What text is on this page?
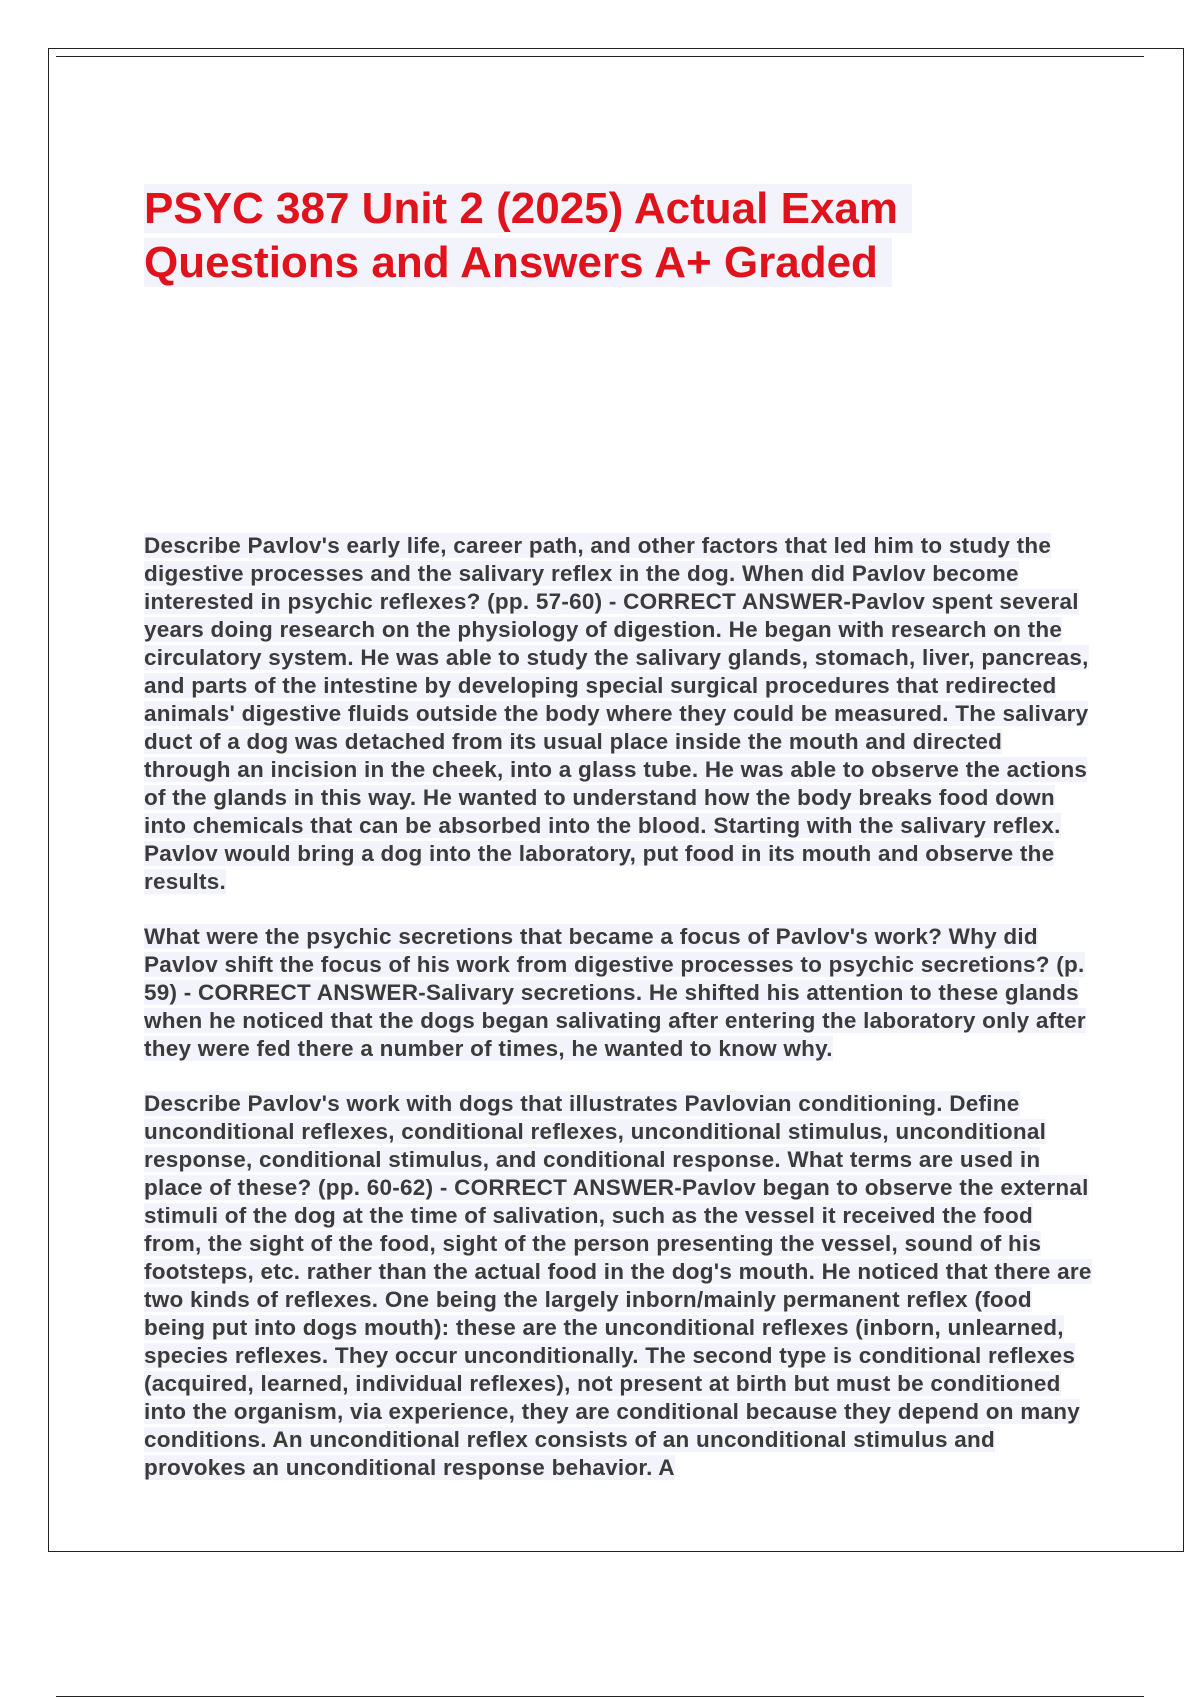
PSYC 387 Unit 2 (2025) Actual Exam
Questions and Answers A+ Graded

Describe Pavlov's early life, career path, and other factors that led him to study the digestive processes and the salivary reflex in the dog. When did Pavlov become interested in psychic reflexes? (pp. 57-60) - CORRECT ANSWER-Pavlov spent several years doing research on the physiology of digestion. He began with research on the circulatory system. He was able to study the salivary glands, stomach, liver, pancreas, and parts of the intestine by developing special surgical procedures that redirected animals' digestive fluids outside the body where they could be measured. The salivary duct of a dog was detached from its usual place inside the mouth and directed through an incision in the cheek, into a glass tube. He was able to observe the actions of the glands in this way. He wanted to understand how the body breaks food down into chemicals that can be absorbed into the blood. Starting with the salivary reflex. Pavlov would bring a dog into the laboratory, put food in its mouth and observe the results.

What were the psychic secretions that became a focus of Pavlov's work? Why did Pavlov shift the focus of his work from digestive processes to psychic secretions? (p. 59) - CORRECT ANSWER-Salivary secretions. He shifted his attention to these glands when he noticed that the dogs began salivating after entering the laboratory only after they were fed there a number of times, he wanted to know why.

Describe Pavlov's work with dogs that illustrates Pavlovian conditioning. Define unconditional reflexes, conditional reflexes, unconditional stimulus, unconditional response, conditional stimulus, and conditional response. What terms are used in place of these? (pp. 60-62) - CORRECT ANSWER-Pavlov began to observe the external stimuli of the dog at the time of salivation, such as the vessel it received the food from, the sight of the food, sight of the person presenting the vessel, sound of his footsteps, etc. rather than the actual food in the dog's mouth. He noticed that there are two kinds of reflexes. One being the largely inborn/mainly permanent reflex (food being put into dogs mouth): these are the unconditional reflexes (inborn, unlearned, species reflexes. They occur unconditionally. The second type is conditional reflexes (acquired, learned, individual reflexes), not present at birth but must be conditioned into the organism, via experience, they are conditional because they depend on many conditions. An unconditional reflex consists of an unconditional stimulus and provokes an unconditional response behavior. A
